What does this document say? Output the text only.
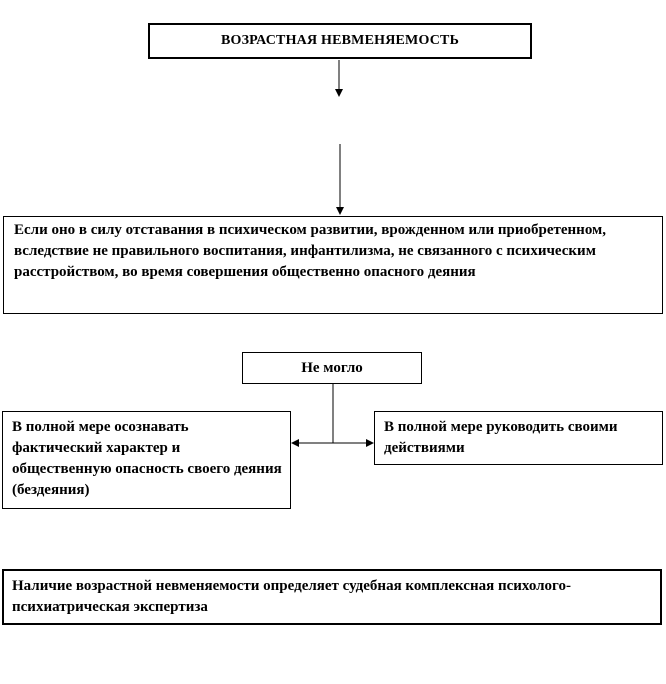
ВОЗРАСТНАЯ НЕВМЕНЯЕМОСТЬ
Если оно в силу отставания в психическом развитии, врожденном или приобретенном, вследствие не правильного воспитания, инфантилизма, не связанного с психическим расстройством, во время совершения общественно опасного деяния
Не могло
В полной мере осознавать фактический характер и общественную опасность своего деяния (бездеяния)
В полной мере руководить своими действиями
Наличие возрастной невменяемости определяет судебная комплексная психолого-психиатрическая экспертиза
